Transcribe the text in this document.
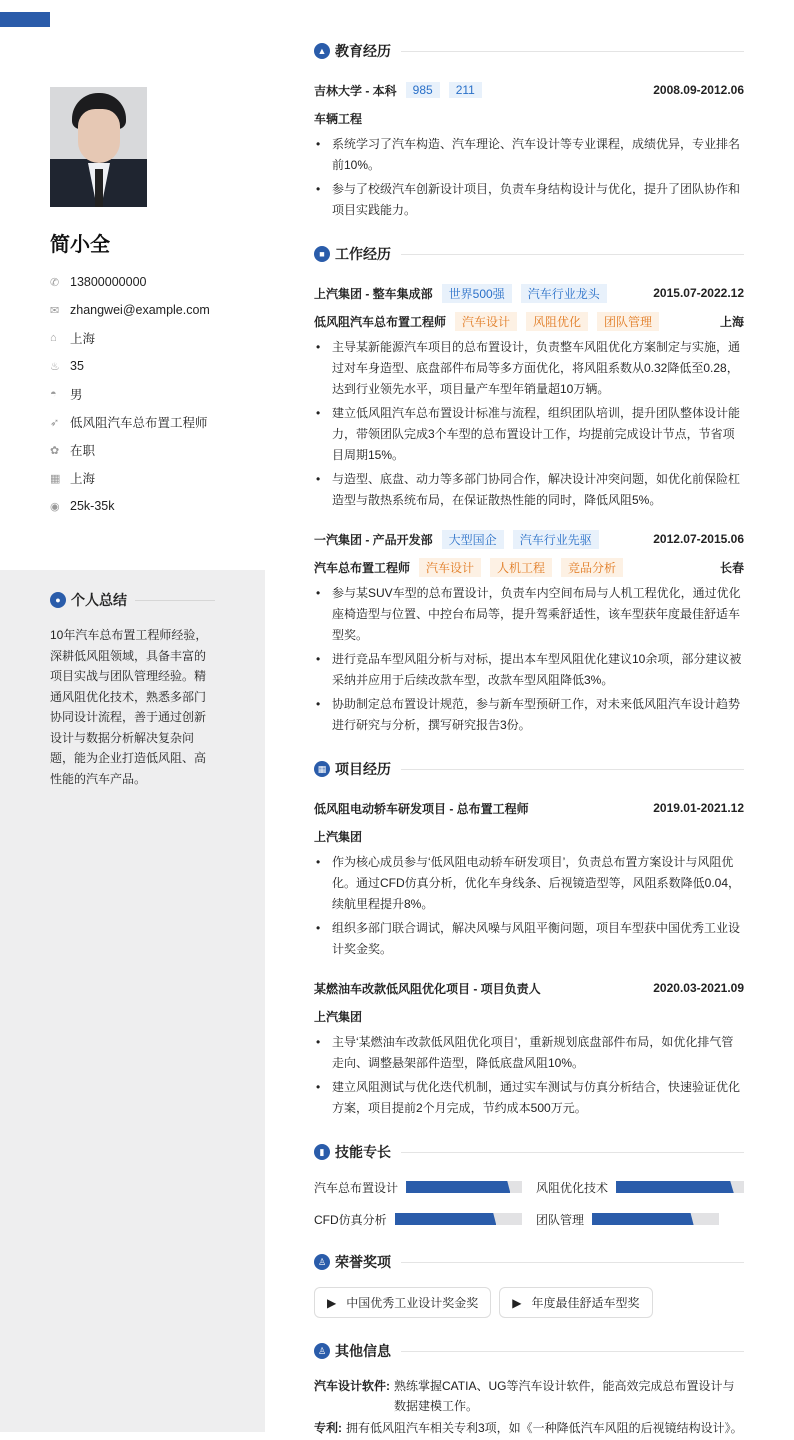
简小全
✆ 13800000000
✉ zhangwei@example.com
⌂	上海
♨ 35
◓	男
➶ 低风阻汽车总布置工程师
✿ 在职
▦ 上海
◉ 25k-35k
● 个人总结
10年汽车总布置工程师经验，深耕低风阻领域，具备丰富的项目实战与团队管理经验。精通风阻优化技术，熟悉多部门协同设计流程，善于通过创新设计与数据分析解决复杂问题，能为企业打造低风阻、高性能的汽车产品。
▲ 教育经历
吉林大学 - 本科	985	211	2008.09-2012.06
车辆工程
• 系统学习了汽车构造、汽车理论、汽车设计等专业课程，成绩优异，专业排名前10%。
• 参与了校级汽车创新设计项目，负责车身结构设计与优化，提升了团队协作和项目实践能力。
■ 工作经历
上汽集团 - 整车集成部	世界500强	汽车行业龙头	2015.07-2022.12
低风阻汽车总布置工程师	汽车设计	风阻优化	团队管理	上海
• 主导某新能源汽车项目的总布置设计，负责整车风阻优化方案制定与实施，通过对车身造型、底盘部件布局等多方面优化，将风阻系数从0.32降低至0.28，达到行业领先水平，项目量产车型年销量超10万辆。
• 建立低风阻汽车总布置设计标准与流程，组织团队培训，提升团队整体设计能力，带领团队完成3个车型的总布置设计工作，均提前完成设计节点，节省项目周期15%。
• 与造型、底盘、动力等多部门协同合作，解决设计冲突问题，如优化前保险杠造型与散热系统布局，在保证散热性能的同时，降低风阻5%。
一汽集团 - 产品开发部	大型国企	汽车行业先驱	2012.07-2015.06
汽车总布置工程师	汽车设计	人机工程	竞品分析	长春
• 参与某SUV车型的总布置设计，负责车内空间布局与人机工程优化，通过优化座椅造型与位置、中控台布局等，提升驾乘舒适性，该车型获年度最佳舒适车型奖。
• 进行竞品车型风阻分析与对标，提出本车型风阻优化建议10余项，部分建议被采纳并应用于后续改款车型，改款车型风阻降低3%。
• 协助制定总布置设计规范，参与新车型预研工作，对未来低风阻汽车设计趋势进行研究与分析，撰写研究报告3份。
▦ 项目经历
低风阻电动轿车研发项目 - 总布置工程师	2019.01-2021.12
上汽集团
• 作为核心成员参与‘低风阻电动轿车研发项目’，负责总布置方案设计与风阻优化。通过CFD仿真分析，优化车身线条、后视镜造型等，风阻系数降低0.04，续航里程提升8%。
• 组织多部门联合调试，解决风噪与风阻平衡问题，项目车型获中国优秀工业设计奖金奖。
某燃油车改款低风阻优化项目 - 项目负责人	2020.03-2021.09
上汽集团
• 主导‘某燃油车改款低风阻优化项目’，重新规划底盘部件布局，如优化排气管走向、调整悬架部件造型，降低底盘风阻10%。
• 建立风阻测试与优化迭代机制，通过实车测试与仿真分析结合，快速验证优化方案，项目提前2个月完成，节约成本500万元。
▮ 技能专长
汽车总布置设计	风阻优化技术
CFD仿真分析	团队管理
♙ 荣誉奖项
▶ 中国优秀工业设计奖金奖	▶ 年度最佳舒适车型奖
♙ 其他信息
汽车设计软件: 熟练掌握CATIA、UG等汽车设计软件，能高效完成总布置设计与数据建模工作。
专利: 拥有低风阻汽车相关专利3项，如《一种降低汽车风阻的后视镜结构设计》。
